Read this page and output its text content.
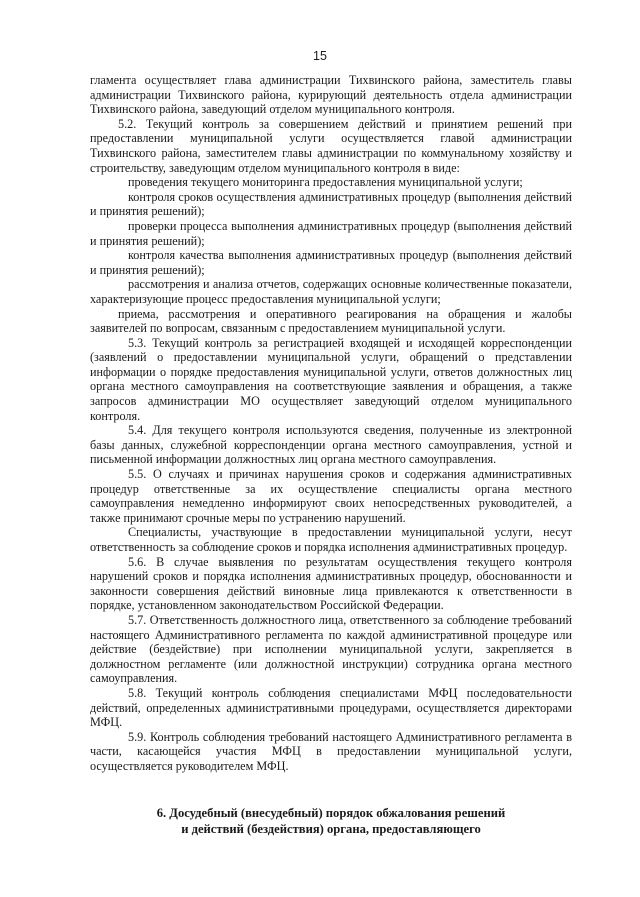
15

гламента осуществляет глава администрации Тихвинского района, заместитель главы администрации Тихвинского района, курирующий деятельность отдела администрации Тихвинского района, заведующий отделом муниципального контроля.

5.2. Текущий контроль за совершением действий и принятием решений при предоставлении муниципальной услуги осуществляется главой администрации Тихвинского района, заместителем главы администрации по коммунальному хозяйству и строительству, заведующим отделом муниципального контроля в виде:

проведения текущего мониторинга предоставления муниципальной услуги;

контроля сроков осуществления административных процедур (выполнения действий и принятия решений);

проверки процесса выполнения административных процедур (выполнения действий и принятия решений);

контроля качества выполнения административных процедур (выполнения действий и принятия решений);

рассмотрения и анализа отчетов, содержащих основные количественные показатели, характеризующие процесс предоставления муниципальной услуги;

приема, рассмотрения и оперативного реагирования на обращения и жалобы заявителей по вопросам, связанным с предоставлением муниципальной услуги.

5.3. Текущий контроль за регистрацией входящей и исходящей корреспонденции (заявлений о предоставлении муниципальной услуги, обращений о представлении информации о порядке предоставления муниципальной услуги, ответов должностных лиц органа местного самоуправления на соответствующие заявления и обращения, а также запросов администрации МО осуществляет заведующий отделом муниципального контроля.

5.4. Для текущего контроля используются сведения, полученные из электронной базы данных, служебной корреспонденции органа местного самоуправления, устной и письменной информации должностных лиц органа местного самоуправления.

5.5. О случаях и причинах нарушения сроков и содержания административных процедур ответственные за их осуществление специалисты органа местного самоуправления немедленно информируют своих непосредственных руководителей, а также принимают срочные меры по устранению нарушений.

Специалисты, участвующие в предоставлении муниципальной услуги, несут ответственность за соблюдение сроков и порядка исполнения административных процедур.

5.6. В случае выявления по результатам осуществления текущего контроля нарушений сроков и порядка исполнения административных процедур, обоснованности и законности совершения действий виновные лица привлекаются к ответственности в порядке, установленном законодательством Российской Федерации.

5.7. Ответственность должностного лица, ответственного за соблюдение требований настоящего Административного регламента по каждой административной процедуре или действие (бездействие) при исполнении муниципальной услуги, закрепляется в должностном регламенте (или должностной инструкции) сотрудника органа местного самоуправления.

5.8. Текущий контроль соблюдения специалистами МФЦ последовательности действий, определенных административными процедурами, осуществляется директорами МФЦ.

5.9. Контроль соблюдения требований настоящего Административного регламента в части, касающейся участия МФЦ в предоставлении муниципальной услуги, осуществляется руководителем МФЦ.

6. Досудебный (внесудебный) порядок обжалования решений

и действий (бездействия) органа, предоставляющего
